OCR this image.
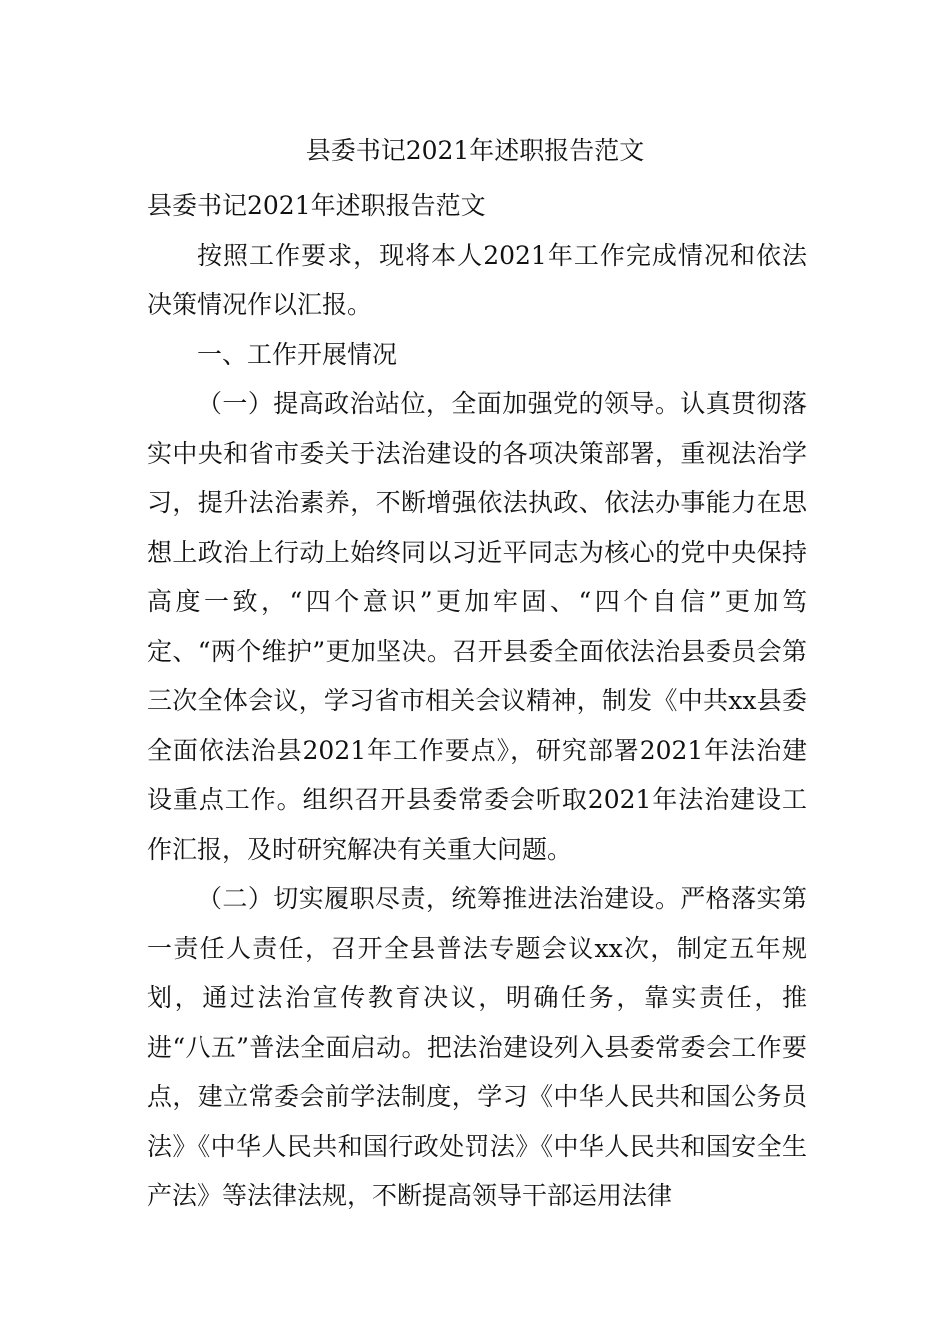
县委书记2021年述职报告范文

县委书记2021年述职报告范文

按照工作要求，现将本人2021年工作完成情况和依法决策情况作以汇报。

一、工作开展情况

（一）提高政治站位，全面加强党的领导。认真贯彻落实中央和省市委关于法治建设的各项决策部署，重视法治学习，提升法治素养，不断增强依法执政、依法办事能力在思想上政治上行动上始终同以习近平同志为核心的党中央保持高度一致，“四个意识”更加牢固、“四个自信”更加笃定、“两个维护”更加坚决。召开县委全面依法治县委员会第三次全体会议，学习省市相关会议精神，制发《中共xx县委全面依法治县2021年工作要点》，研究部署2021年法治建设重点工作。组织召开县委常委会听取2021年法治建设工作汇报，及时研究解决有关重大问题。

（二）切实履职尽责，统筹推进法治建设。严格落实第一责任人责任，召开全县普法专题会议xx次，制定五年规划，通过法治宣传教育决议，明确任务，靠实责任，推进“八五”普法全面启动。把法治建设列入县委常委会工作要点，建立常委会前学法制度，学习《中华人民共和国公务员法》《中华人民共和国行政处罚法》《中华人民共和国安全生产法》等法律法规，不断提高领导干部运用法律
